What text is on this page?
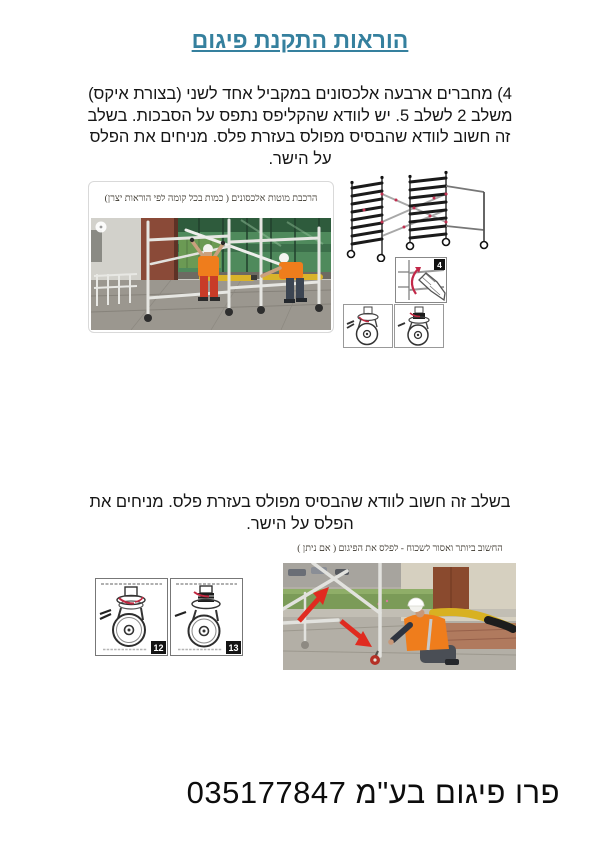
הוראות התקנת פיגום

4) מחברים ארבעה אלכסונים במקביל אחד לשני (בצורת איקס) משלב 2 לשלב 5. יש לוודא שהקליפס נתפס על הסבכות. בשלב זה חשוב לוודא שהבסיס מפולס בעזרת פלס. מניחים את הפלס על הישר.

הרכבת מוטות אלכסונים ( כמות בכל קומה לפי הוראות יצרן)
4

בשלב זה חשוב לוודא שהבסיס מפולס בעזרת פלס. מניחים את הפלס על הישר.

12	13
החשוב ביותר ואסור לשכוח - לפלס את הפיגום ( אם ניתן )
פרו פיגום בע"מ 035177847
